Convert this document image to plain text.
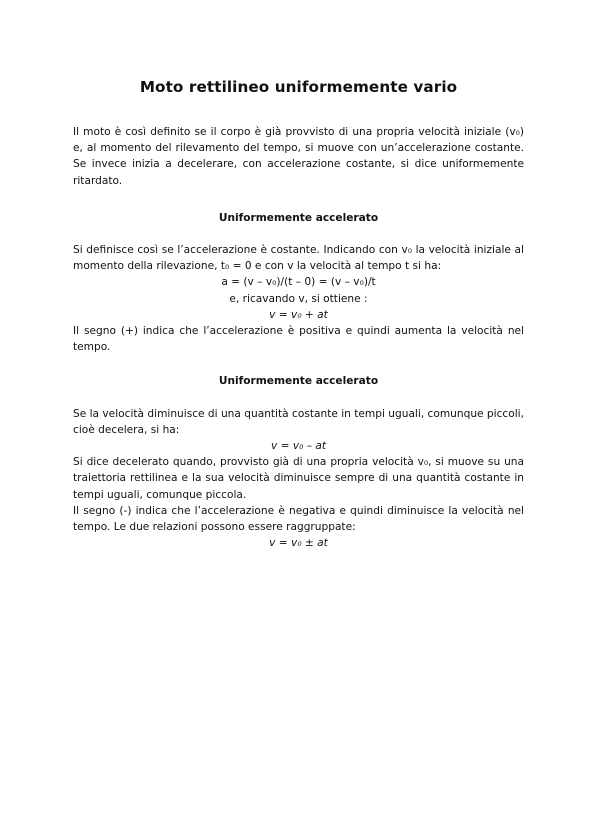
Moto rettilineo uniformemente vario

Il moto è così definito se il corpo è già provvisto di una propria velocità iniziale (v₀) e, al momento del rilevamento del tempo, si muove con un’accelerazione costante. Se invece inizia a decelerare, con accelerazione costante, si dice uniformemente ritardato.

Uniformemente accelerato

Si definisce così se l’accelerazione è costante. Indicando con v₀ la velocità iniziale al momento della rilevazione, t₀ = 0 e con v la velocità al tempo t si ha:

a = (v – v₀)/(t – 0) = (v – v₀)/t

e, ricavando v, si ottiene :

v = v₀ + at

Il segno (+) indica che l’accelerazione è positiva e quindi aumenta la velocità nel tempo.

Uniformemente accelerato

Se la velocità diminuisce di una quantità costante in tempi uguali, comunque piccoli, cioè decelera, si ha:

v = v₀ – at

Si dice decelerato quando, provvisto già di una propria velocità v₀, si muove su una traiettoria rettilinea e la sua velocità diminuisce sempre di una quantità costante in tempi uguali, comunque piccola.

Il segno (-) indica che l’accelerazione è negativa e quindi diminuisce la velocità nel tempo. Le due relazioni possono essere raggruppate:

v = v₀ ± at
